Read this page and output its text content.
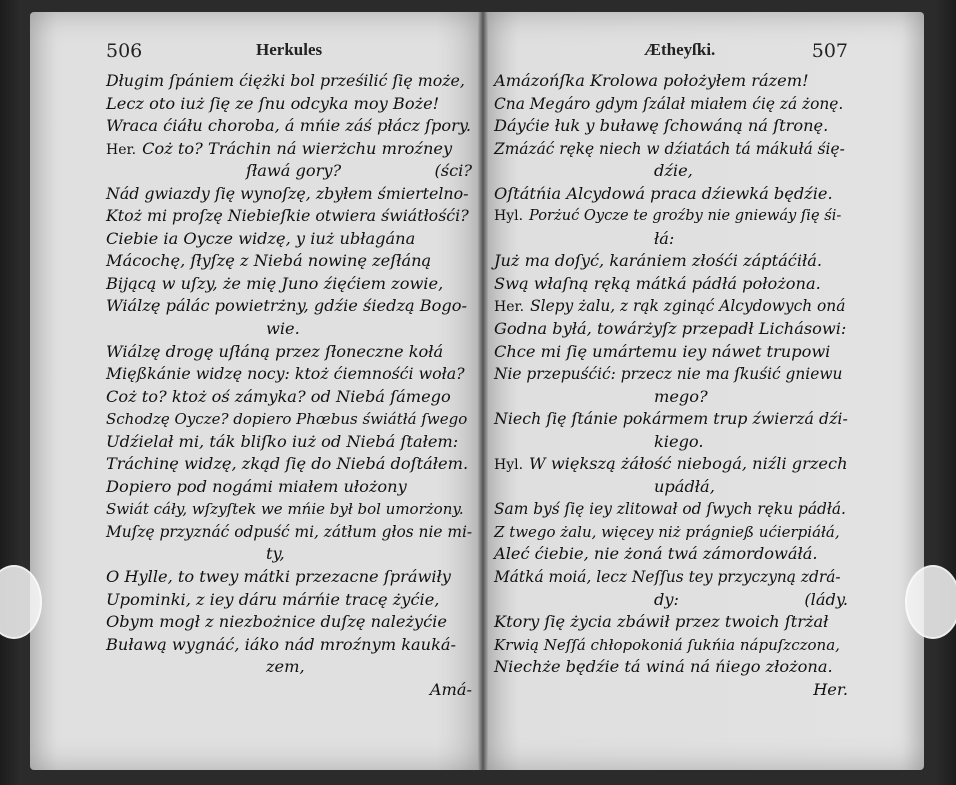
506	Herkules	Ætheyſki.	507
Długim ſpániem ćiężki bol prześilić ſię może,
Lecz oto iuż ſię ze ſnu odcyka moy Boże!
Wraca ćiáłu choroba, á mńie záś płácz ſpory.
Her. Coż to? Tráchin ná wierżchu mroźney
ſławá gory?	(ści?
Nád gwiazdy ſię wynoſzę, zbyłem śmiertelno-
Ktoż mi proſzę Niebieſkie otwiera świátłośći?
Ciebie ia Oycze widzę, y iuż ubłagána
Mácochę, ſłyſzę z Niebá nowinę zeſłáną
Bijącą w uſzy, że mię Juno źięćiem zowie,
Wiálzę pálác powietrżny, gdźie śiedzą Bogo-
wie.
Wiálzę drogę uſłáną przez ſłoneczne kołá
Mięßkánie widzę nocy: ktoż ćiemnośći woła?
Coż to? ktoż oś zámyka? od Niebá ſámego
Schodzę Oycze? dopiero Phœbus świátłá ſwego
Udźielał mi, ták bliſko iuż od Niebá ſtałem:
Tráchinę widzę, zkąd ſię do Niebá doſtáłem.
Dopiero pod nogámi miałem ułożony
Swiát cáły, wſzyſtek we mńie był bol umorżony.
Muſzę przyznáć odpuść mi, zátłum głos nie mi-
ty,
O Hylle, to twey mátki przezacne ſpráwiły
Upominki, z iey dáru márńie tracę żyćie,
Obym mogł z niezbożnice duſzę należyćie
Buławą wygnáć, iáko nád mroźnym kauká-
zem,
Amá-
Amázońſka Krolowa położyłem rázem!
Cna Megáro gdym ſzálał miałem ćię zá żonę.
Dáyćie łuk y buławę ſchowáną ná ſtronę.
Zmázáć rękę niech w dźiatách tá mákułá śię-
dźie,
Oſtátńia Alcydowá praca dźiewká będźie.
Hyl. Porżuć Oycze te groźby nie gniewáy ſię śi-
łá:
Już ma doſyć, karániem złośći záptáćiłá.
Swą właſną ręką mátká pádłá położona.
Her. Slepy żalu, z rąk zginąć Alcydowych oná
Godna byłá, towárżyſz przepadł Lichásowi:
Chce mi ſię umártemu iey náwet trupowi
Nie przepuśćić: przecz nie ma ſkuśić gniewu
mego?
Niech ſię ſtánie pokármem trup źwierzá dźi-
kiego.
Hyl. W większą żáłość niebogá, niźli grzech
upádłá,
Sam byś ſię iey zlitował od ſwych ręku pádłá.
Z twego żalu, więcey niż prágnieß ućierpiáłá,
Aleć ćiebie, nie żoná twá zámordowáłá.
Mátká moiá, lecz Neſſus tey przyczyną zdrá-
dy:	(lády.
Ktory ſię życia zbáwił przez twoich ſtrżał
Krwią Neſſá chłopokoniá ſukńia nápuſzczona,
Niechże będźie tá winá ná ńiego złożona.
Her.
